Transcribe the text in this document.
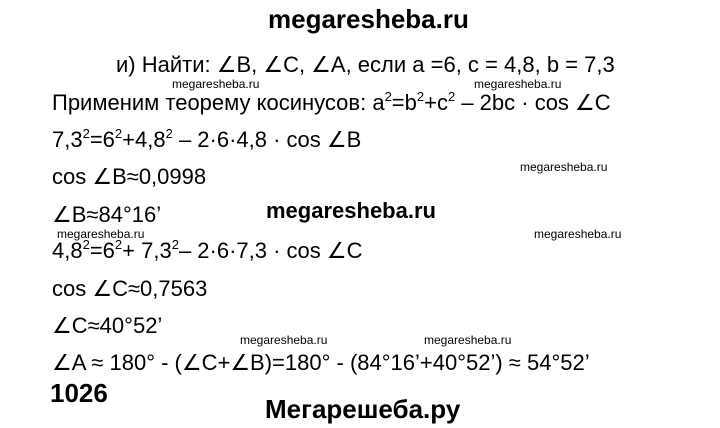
megaresheba.ru
и) Найти: ∠B, ∠C, ∠A, если a =6, c = 4,8, b = 7,3
megaresheba.ru	megaresheba.ru
Применим теорему косинусов: $a^2=b^2+c^2 - 2bc \cdot \cos$ ∠C
$7,3^2=6^2+4,8^2 - 2\cdot 6\cdot 4,8 \cdot \cos$ ∠B
megaresheba.ru
cos ∠B≈0,0998
∠B≈84°16’	megaresheba.ru
megaresheba.ru	megaresheba.ru
$4,8^2=6^2+ 7,3^2-$ 2·6·7,3 · cos ∠C
cos ∠C≈0,7563
∠C≈40°52’
megaresheba.ru	megaresheba.ru
∠A ≈ 180° - (∠C+∠B)=180° - (84°16’+40°52’) ≈ 54°52’
1026
Мегарешеба.ру
